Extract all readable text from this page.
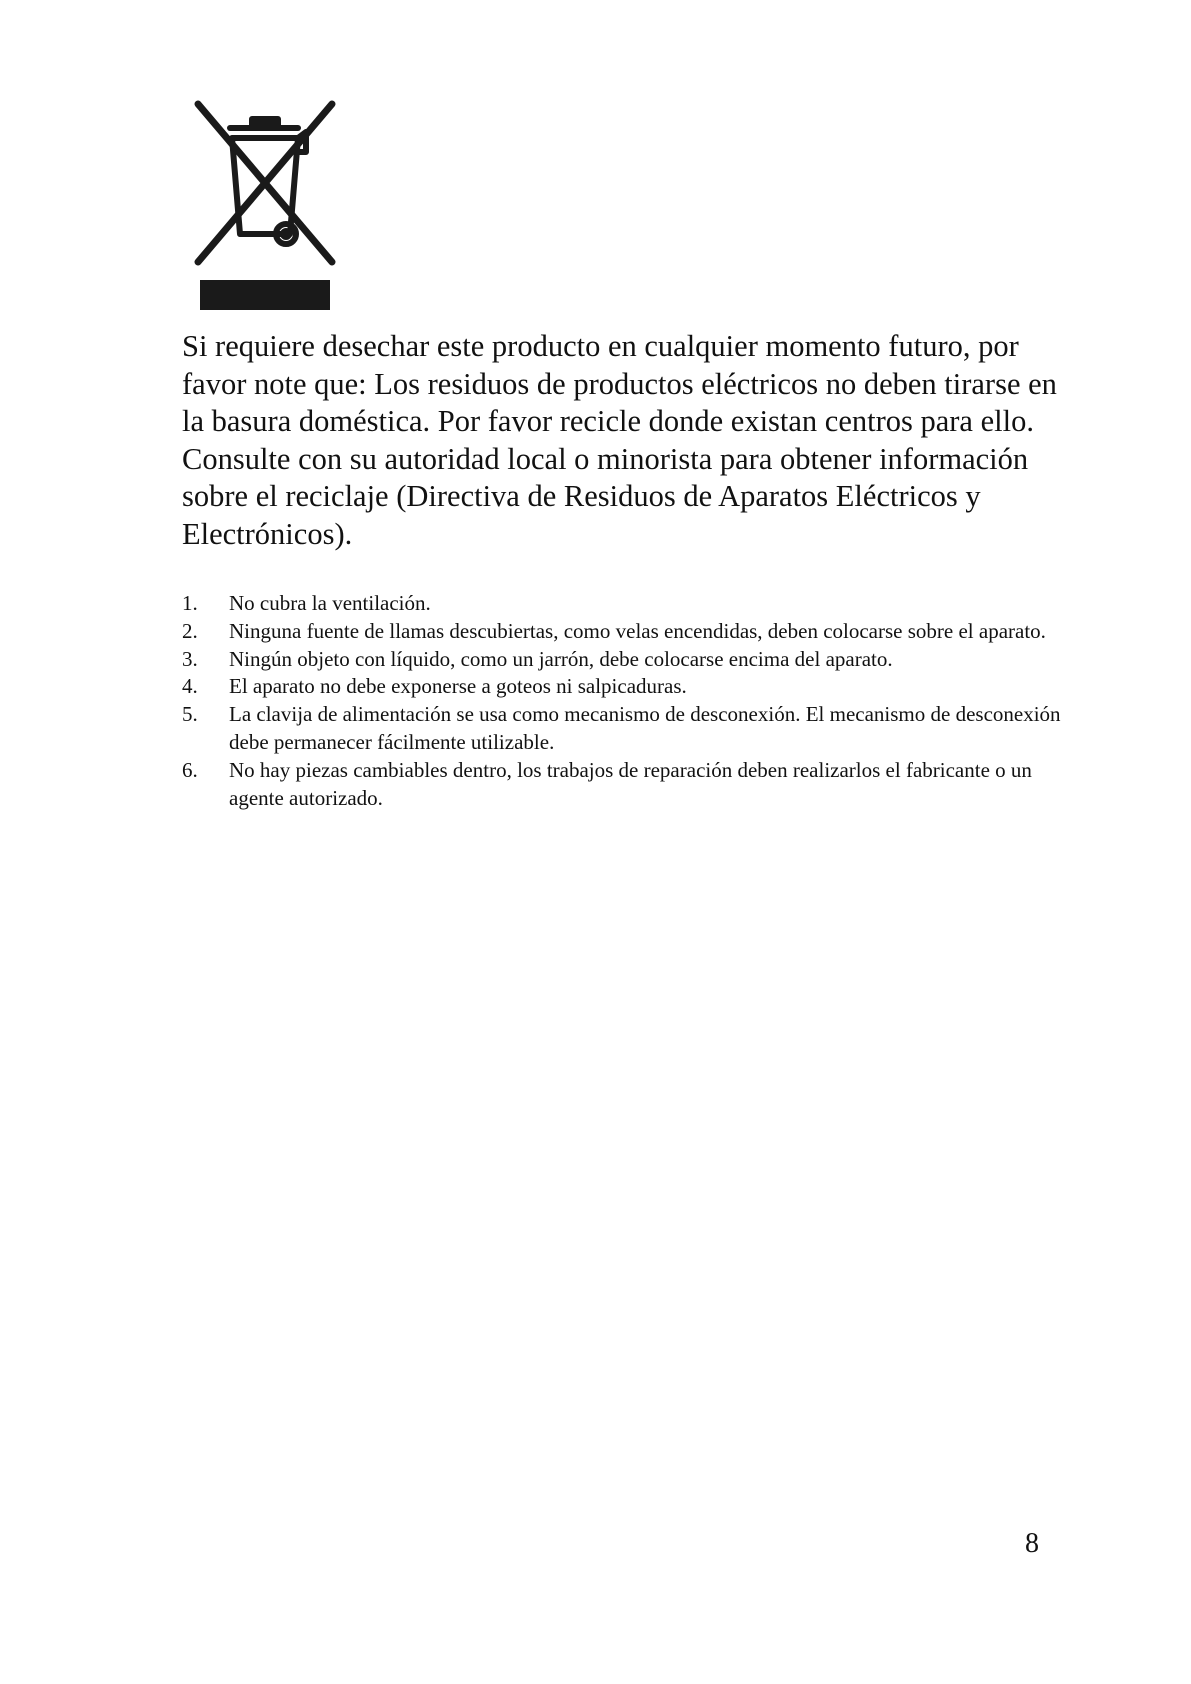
Si requiere desechar este producto en cualquier momento futuro, por favor note que: Los residuos de productos eléctricos no deben tirarse en la basura doméstica. Por favor recicle donde existan centros para ello. Consulte con su autoridad local o minorista para obtener información sobre el reciclaje (Directiva de Residuos de Aparatos Eléctricos y Electrónicos).

1. No cubra la ventilación.
2. Ninguna fuente de llamas descubiertas, como velas encendidas, deben colocarse sobre el aparato.
3. Ningún objeto con líquido, como un jarrón, debe colocarse encima del aparato.
4. El aparato no debe exponerse a goteos ni salpicaduras.
5. La clavija de alimentación se usa como mecanismo de desconexión. El mecanismo de desconexión debe permanecer fácilmente utilizable.
6. No hay piezas cambiables dentro, los trabajos de reparación deben realizarlos el fabricante o un agente autorizado.
8
